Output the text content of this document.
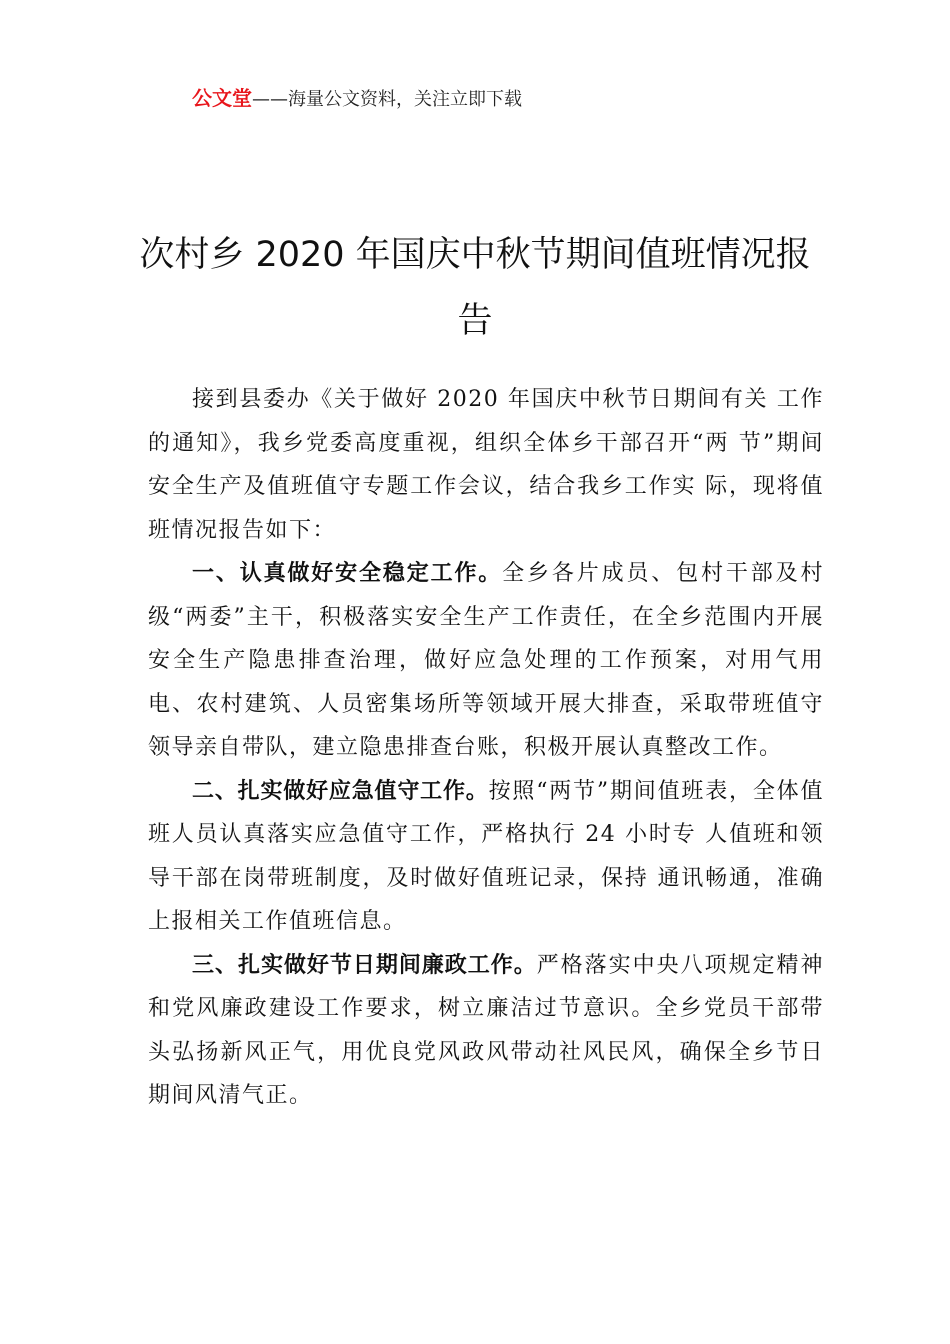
公文堂——海量公文资料，关注立即下载
次村乡 2020 年国庆中秋节期间值班情况报告

接到县委办《关于做好 2020 年国庆中秋节日期间有关 工作的通知》，我乡党委高度重视，组织全体乡干部召开“两 节”期间安全生产及值班值守专题工作会议，结合我乡工作实 际，现将值班情况报告如下：

一、认真做好安全稳定工作。全乡各片成员、包村干部及村级“两委”主干，积极落实安全生产工作责任，在全乡范围内开展安全生产隐患排查治理，做好应急处理的工作预案，对用气用电、农村建筑、人员密集场所等领域开展大排查，采取带班值守领导亲自带队，建立隐患排查台账，积极开展认真整改工作。

二、扎实做好应急值守工作。按照“两节”期间值班表，全体值班人员认真落实应急值守工作，严格执行 24 小时专 人值班和领导干部在岗带班制度，及时做好值班记录，保持 通讯畅通，准确上报相关工作值班信息。

三、扎实做好节日期间廉政工作。严格落实中央八项规定精神和党风廉政建设工作要求，树立廉洁过节意识。全乡党员干部带头弘扬新风正气，用优良党风政风带动社风民风，确保全乡节日期间风清气正。
